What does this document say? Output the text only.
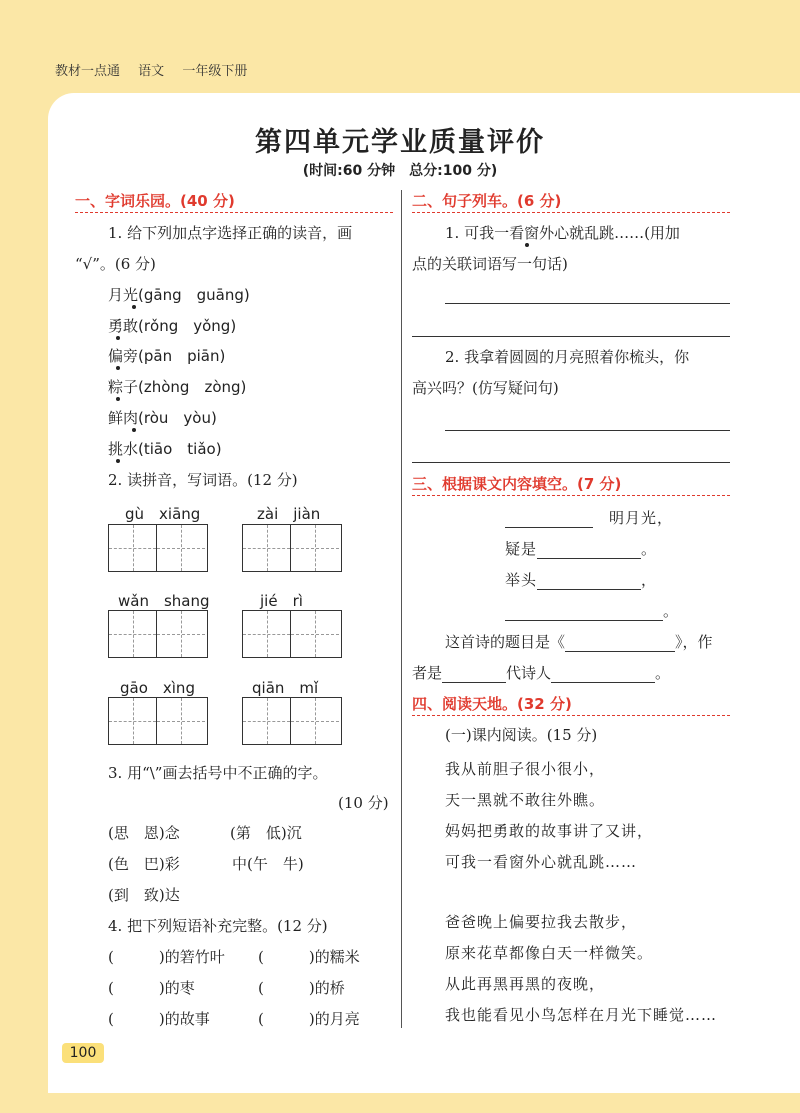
教材一点通 语文 一年级下册
第四单元学业质量评价
(时间:60 分钟　总分:100 分)
一、字词乐园。(40 分)
1. 给下列加点字选择正确的读音，画
“√”。(6 分)
月光(gāng　guāng)
勇敢(rǒng　yǒng)
偏旁(pān　piān)
粽子(zhòng　zòng)
鲜肉(ròu　yòu)
挑水(tiāo　tiǎo)
2. 读拼音，写词语。(12 分)
gù　xiāng	zài　jiàn
wǎn　shang	jié　rì
gāo　xìng	qiān　mǐ
3. 用“\”画去括号中不正确的字。
(10 分)
(思　恩)念	(第　低)沉
(色　巴)彩	中(午　牛)
(到　致)达
4. 把下列短语补充完整。(12 分)
(　　　)的箬竹叶 (　　　)的糯米
(　　　)的枣	(　　　)的桥
(　　　)的故事	(　　　)的月亮
二、句子列车。(6 分)
1. 可我一看窗外心就乱跳……(用加
点的关联词语写一句话)
2. 我拿着圆圆的月亮照着你梳头，你
高兴吗？(仿写疑问句)
三、根据课文内容填空。(7 分)
　明月光，
疑是	。
举头	，
。
这首诗的题目是《	》，作
者是	代诗人	。
四、阅读天地。(32 分)
(一)课内阅读。(15 分)
我从前胆子很小很小，
天一黑就不敢往外瞧。
妈妈把勇敢的故事讲了又讲，
可我一看窗外心就乱跳……
爸爸晚上偏要拉我去散步，
原来花草都像白天一样微笑。
从此再黑再黑的夜晚，
我也能看见小鸟怎样在月光下睡觉……
100
